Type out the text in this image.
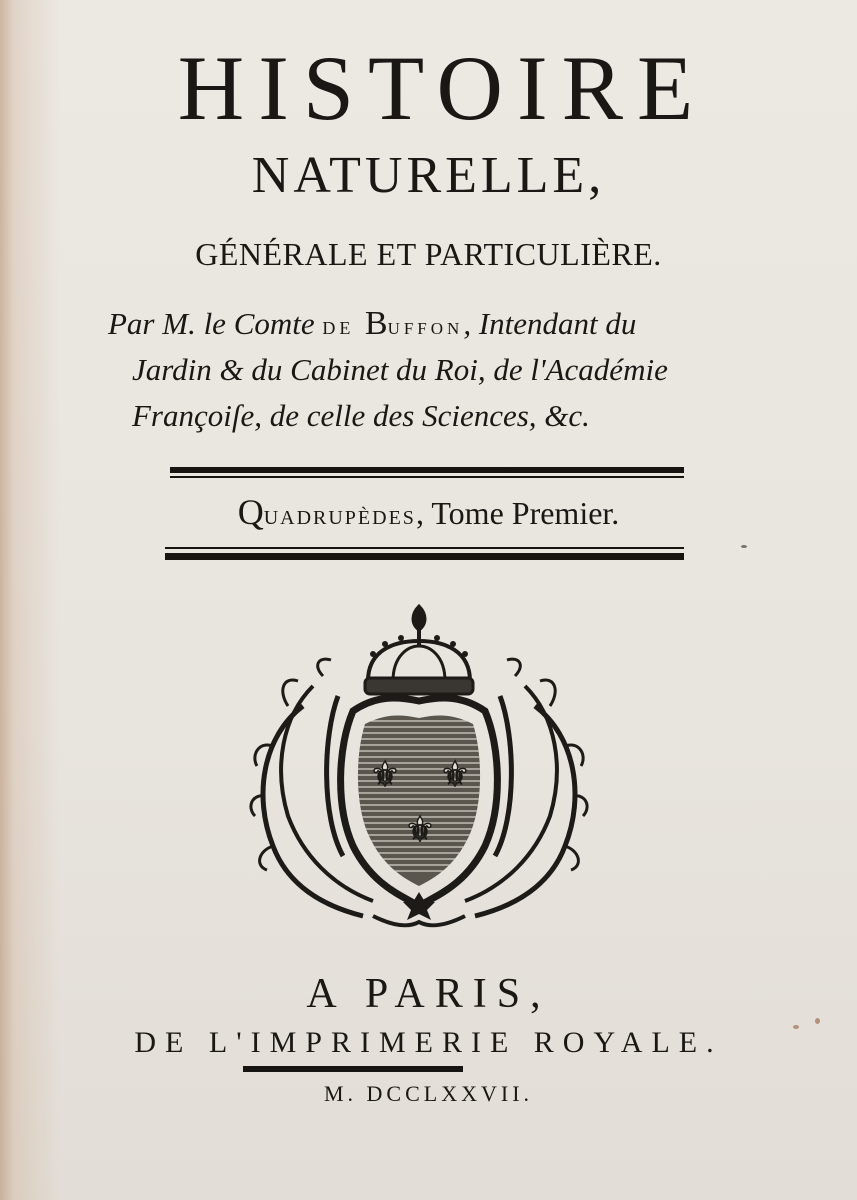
HISTOIRE
NATURELLE,
GÉNÉRALE ET PARTICULIÈRE.
Par M. le Comte de Buffon, Intendant du
Jardin & du Cabinet du Roi, de l'Académie
Françoiſe, de celle des Sciences, &c.
Quadrupèdes, Tome Premier.
⚜ ⚜
⚜
A PARIS,
DE L'IMPRIMERIE ROYALE.
M. DCCLXXVII.
